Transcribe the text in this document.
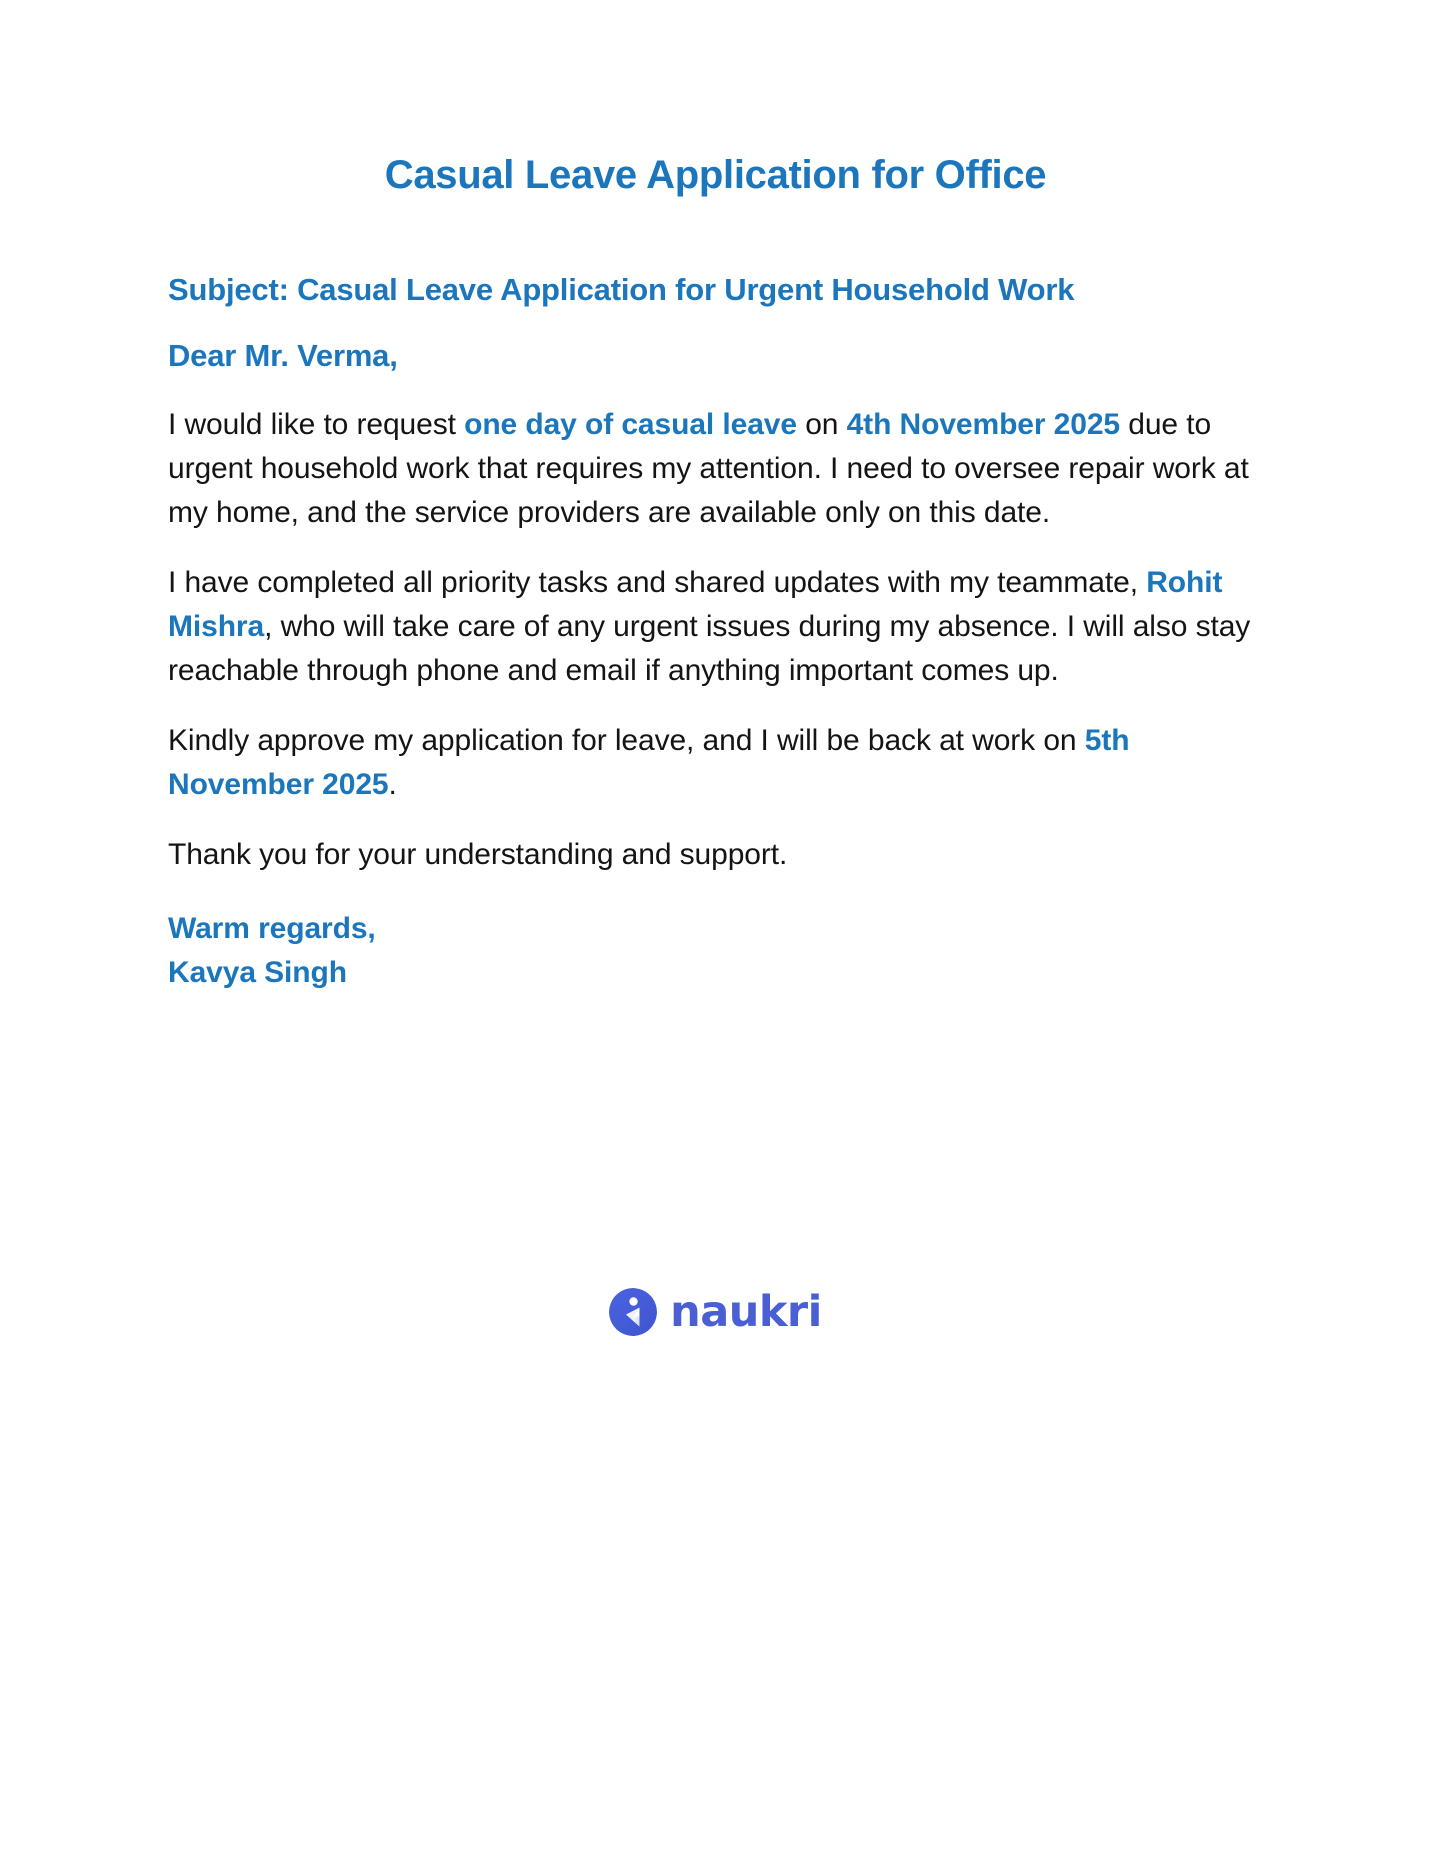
Casual Leave Application for Office

Subject: Casual Leave Application for Urgent Household Work

Dear Mr. Verma,

I would like to request one day of casual leave on 4th November 2025 due to urgent household work that requires my attention. I need to oversee repair work at my home, and the service providers are available only on this date.

I have completed all priority tasks and shared updates with my teammate, Rohit Mishra, who will take care of any urgent issues during my absence. I will also stay reachable through phone and email if anything important comes up.

Kindly approve my application for leave, and I will be back at work on 5th November 2025.

Thank you for your understanding and support.

Warm regards,

Kavya Singh

naukri
